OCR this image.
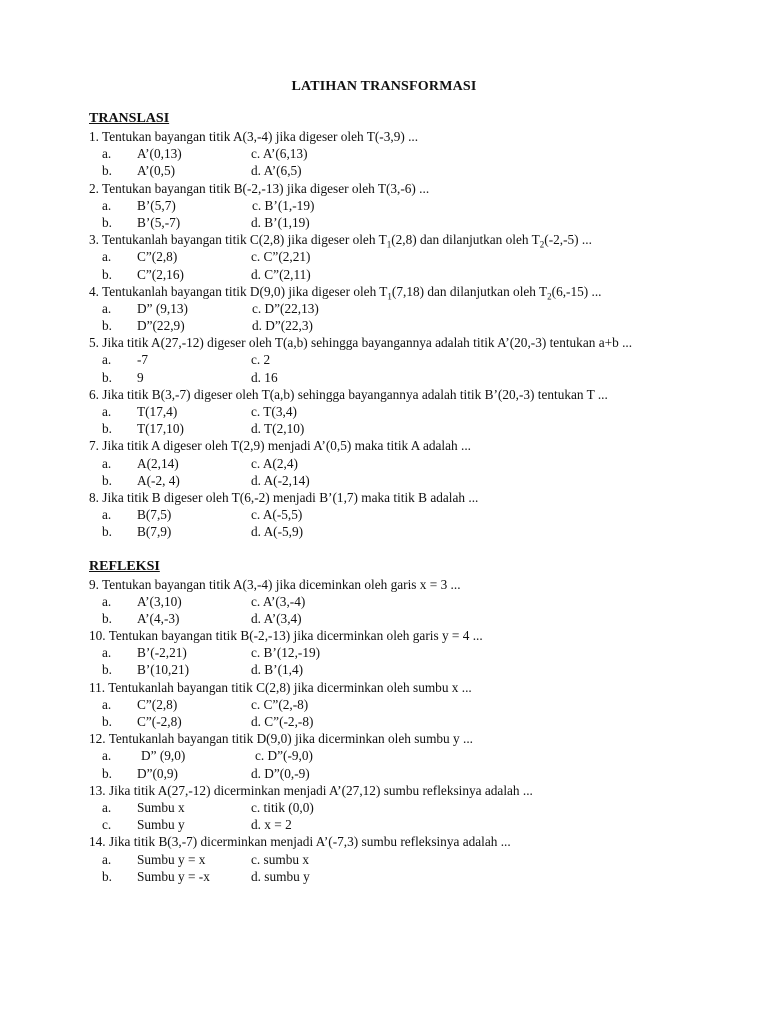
LATIHAN TRANSFORMASI
TRANSLASI
1. Tentukan bayangan titik A(3,-4) jika digeser oleh T(-3,9) ...
a. A’(0,13)	c. A’(6,13)
b. A’(0,5)	d. A’(6,5)
2. Tentukan bayangan titik B(-2,-13) jika digeser oleh T(3,-6) ...
a. B’(5,7)	c. B’(1,-19)
b. B’(5,-7)	d. B’(1,19)
3. Tentukanlah bayangan titik C(2,8) jika digeser oleh $T_1(2,8)$ dan dilanjutkan oleh $T_2(-2,-5)$ ...
a. C”(2,8)	c. C”(2,21)
b. C”(2,16)	d. C”(2,11)
4. Tentukanlah bayangan titik D(9,0) jika digeser oleh $T_1(7,18)$ dan dilanjutkan oleh $T_2(6,-15)$ ...
a. D” (9,13)	c. D”(22,13)
b. D”(22,9)	d. D”(22,3)
5. Jika titik A(27,-12) digeser oleh T(a,b) sehingga bayangannya adalah titik A’(20,-3) tentukan a+b ...
a. -7	c. 2
b. 9	d. 16
6. Jika titik B(3,-7) digeser oleh T(a,b) sehingga bayangannya adalah titik B’(20,-3) tentukan T ...
a. T(17,4)	c. T(3,4)
b. T(17,10)	d. T(2,10)
7. Jika titik A digeser oleh T(2,9) menjadi A’(0,5) maka titik A adalah ...
a. A(2,14)	c. A(2,4)
b. A(-2, 4)	d. A(-2,14)
8. Jika titik B digeser oleh T(6,-2) menjadi B’(1,7) maka titik B adalah ...
a. B(7,5)	c. A(-5,5)
b. B(7,9)	d. A(-5,9)
REFLEKSI
9. Tentukan bayangan titik A(3,-4) jika diceminkan oleh garis x = 3 ...
a. A’(3,10)	c. A’(3,-4)
b. A’(4,-3)	d. A’(3,4)
10. Tentukan bayangan titik B(-2,-13) jika dicerminkan oleh garis y = 4 ...
a. B’(-2,21)	c. B’(12,-19)
b. B’(10,21)	d. B’(1,4)
11. Tentukanlah bayangan titik C(2,8) jika dicerminkan oleh sumbu x ...
a. C”(2,8)	c. C”(2,-8)
b. C”(-2,8)	d. C”(-2,-8)
12. Tentukanlah bayangan titik D(9,0) jika dicerminkan oleh sumbu y ...
a. D” (9,0)	c. D”(-9,0)
b. D”(0,9)	d. D”(0,-9)
13. Jika titik A(27,-12) dicerminkan menjadi A’(27,12) sumbu refleksinya adalah ...
a. Sumbu x	c. titik (0,0)
c. Sumbu y	d. x = 2
14. Jika titik B(3,-7) dicerminkan menjadi A’(-7,3) sumbu refleksinya adalah ...
a. Sumbu y = x	c. sumbu x
b. Sumbu y = -x	d. sumbu y
